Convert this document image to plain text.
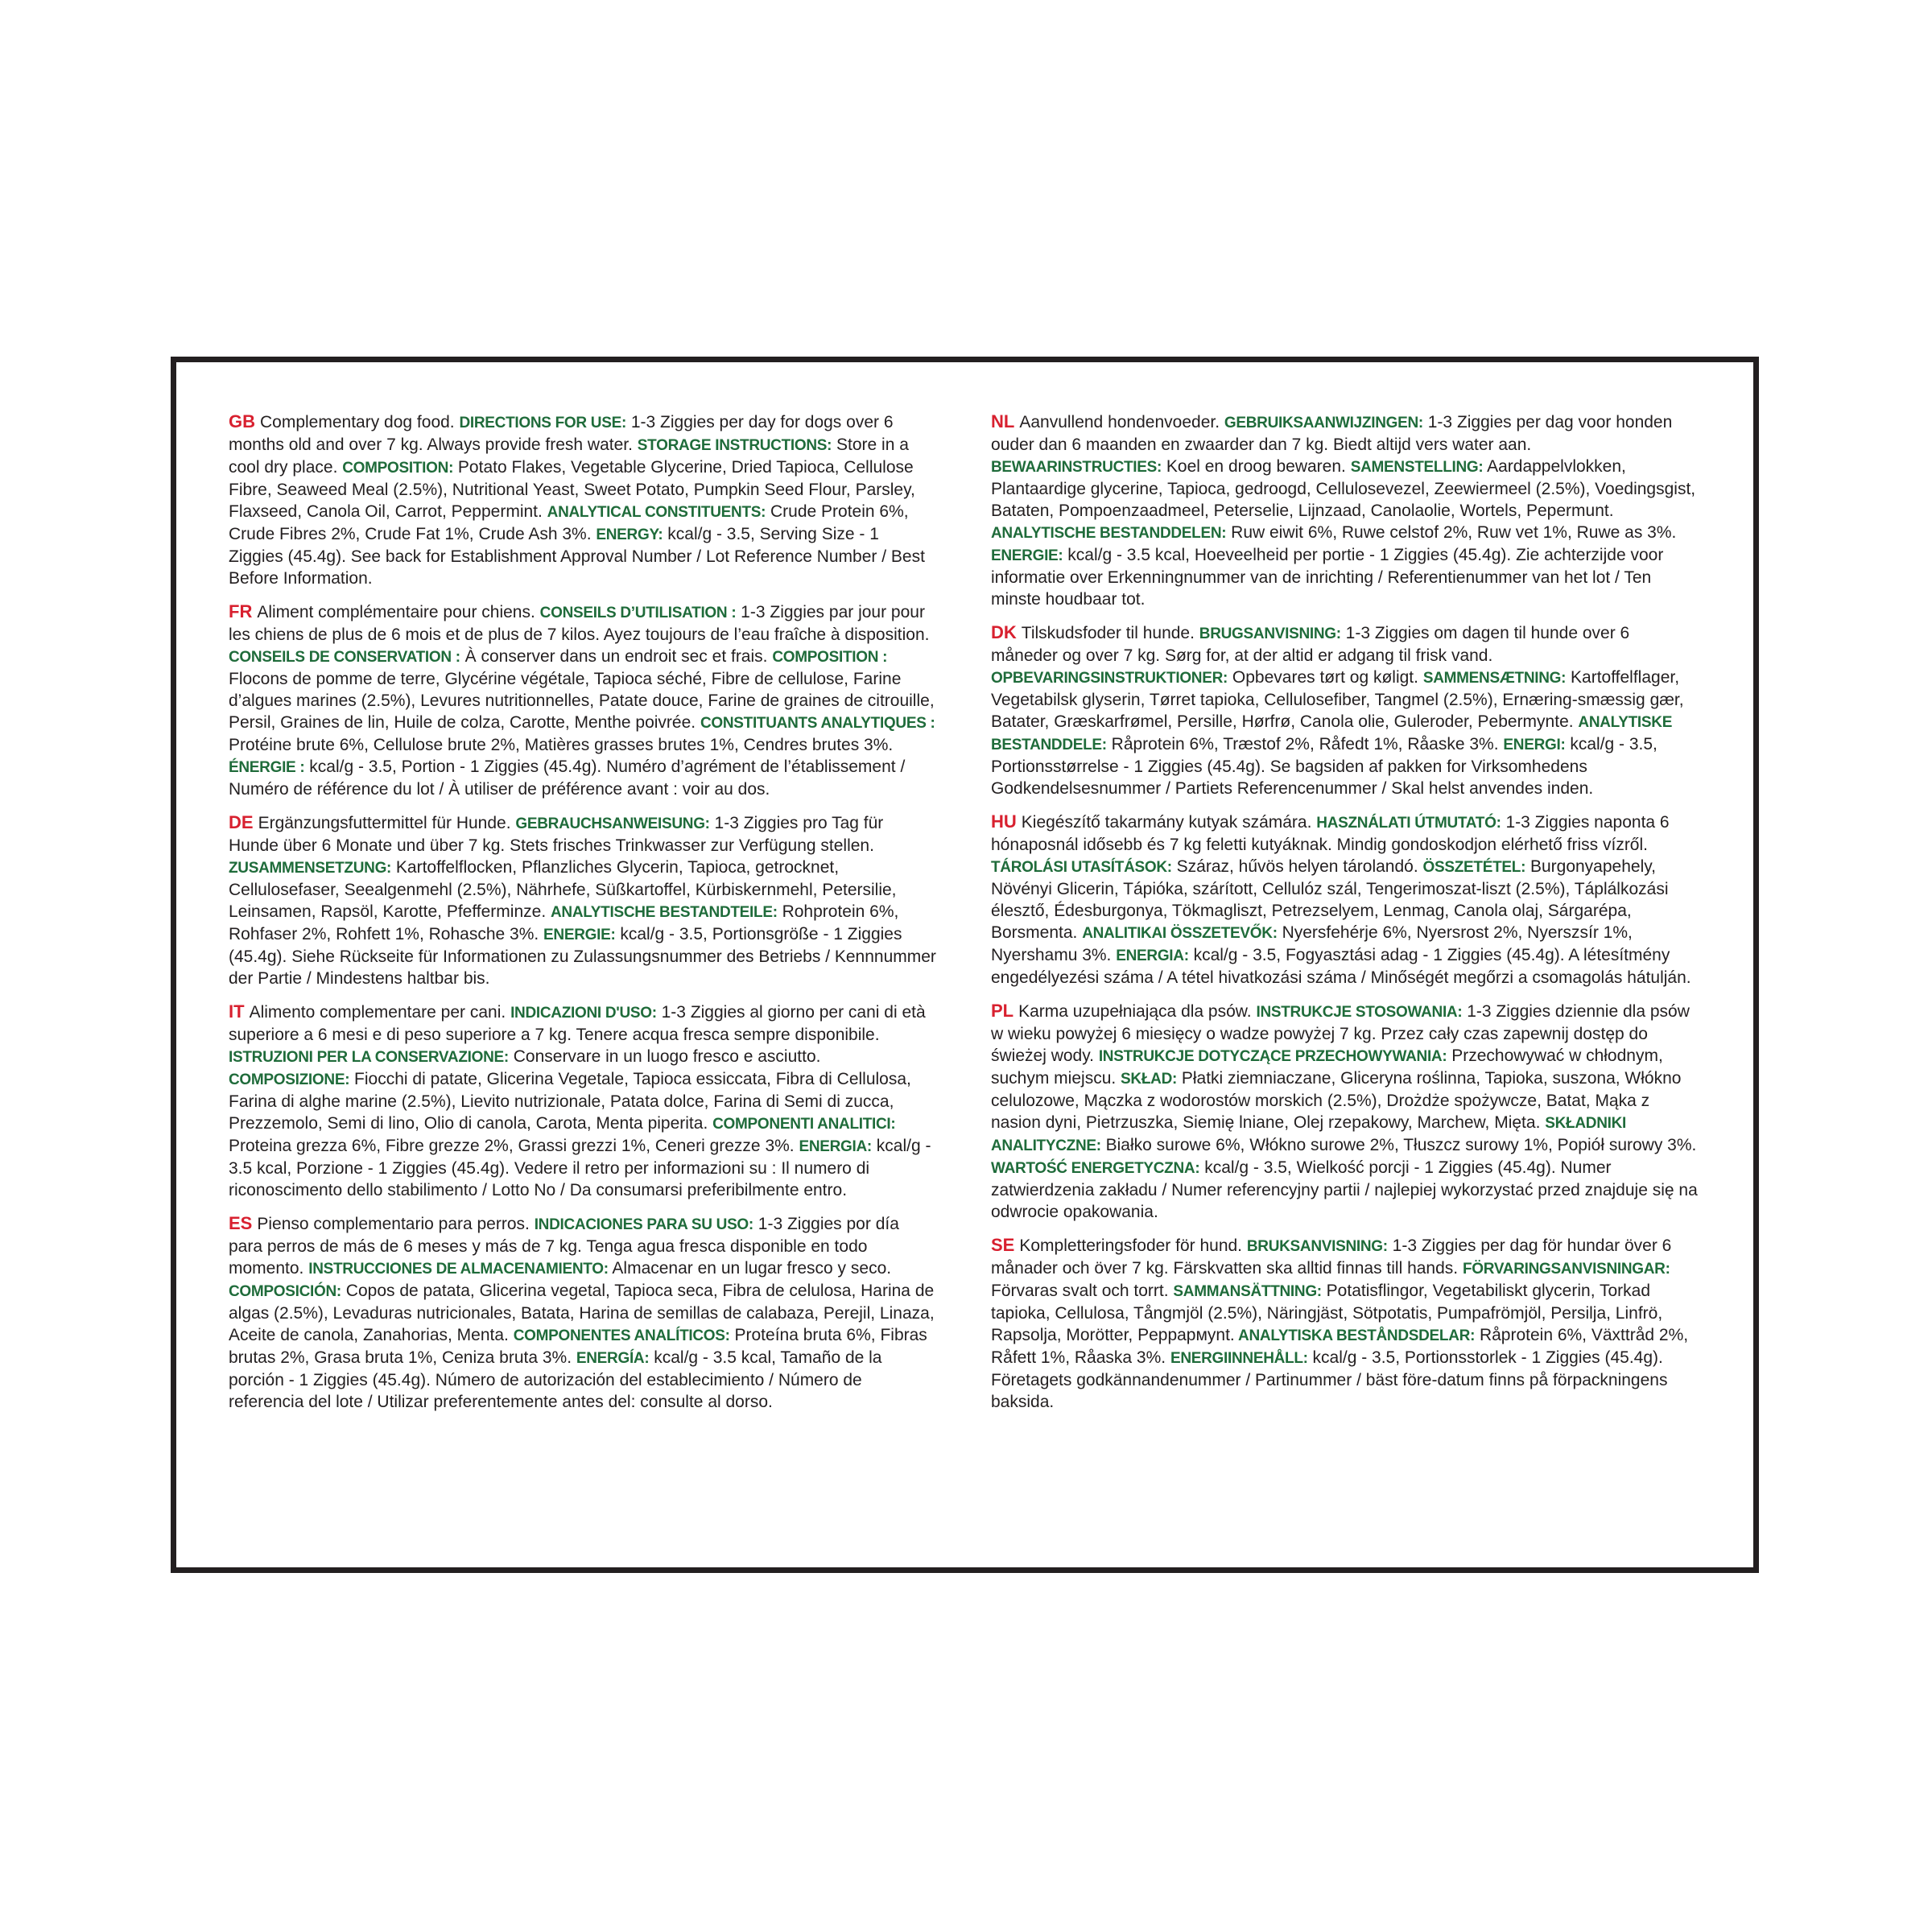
GB Complementary dog food. DIRECTIONS FOR USE: 1-3 Ziggies per day for dogs over 6 months old and over 7 kg. Always provide fresh water. STORAGE INSTRUCTIONS: Store in a cool dry place. COMPOSITION: Potato Flakes, Vegetable Glycerine, Dried Tapioca, Cellulose Fibre, Seaweed Meal (2.5%), Nutritional Yeast, Sweet Potato, Pumpkin Seed Flour, Parsley, Flaxseed, Canola Oil, Carrot, Peppermint. ANALYTICAL CONSTITUENTS: Crude Protein 6%, Crude Fibres 2%, Crude Fat 1%, Crude Ash 3%. ENERGY: kcal/g - 3.5, Serving Size - 1 Ziggies (45.4g). See back for Establishment Approval Number / Lot Reference Number / Best Before Information.

FR Aliment complémentaire pour chiens. CONSEILS D’UTILISATION : 1-3 Ziggies par jour pour les chiens de plus de 6 mois et de plus de 7 kilos. Ayez toujours de l’eau fraîche à disposition. CONSEILS DE CONSERVATION : À conserver dans un endroit sec et frais. COMPOSITION : Flocons de pomme de terre, Glycérine végétale, Tapioca séché, Fibre de cellulose, Farine d’algues marines (2.5%), Levures nutritionnelles, Patate douce, Farine de graines de citrouille, Persil, Graines de lin, Huile de colza, Carotte, Menthe poivrée. CONSTITUANTS ANALYTIQUES : Protéine brute 6%, Cellulose brute 2%, Matières grasses brutes 1%, Cendres brutes 3%. ÉNERGIE : kcal/g - 3.5, Portion - 1 Ziggies (45.4g). Numéro d’agrément de l’établissement / Numéro de référence du lot / À utiliser de préférence avant : voir au dos.

DE Ergänzungsfuttermittel für Hunde. GEBRAUCHSANWEISUNG: 1-3 Ziggies pro Tag für Hunde über 6 Monate und über 7 kg. Stets frisches Trinkwasser zur Verfügung stellen. ZUSAMMENSETZUNG: Kartoffelflocken, Pflanzliches Glycerin, Tapioca, getrocknet, Cellulosefaser, Seealgenmehl (2.5%), Nährhefe, Süßkartoffel, Kürbiskernmehl, Petersilie, Leinsamen, Rapsöl, Karotte, Pfefferminze. ANALYTISCHE BESTANDTEILE: Rohprotein 6%, Rohfaser 2%, Rohfett 1%, Rohasche 3%. ENERGIE: kcal/g - 3.5, Portionsgröße - 1 Ziggies (45.4g). Siehe Rückseite für Informationen zu Zulassungsnummer des Betriebs / Kennnummer der Partie / Mindestens haltbar bis.

IT Alimento complementare per cani. INDICAZIONI D'USO: 1-3 Ziggies al giorno per cani di età superiore a 6 mesi e di peso superiore a 7 kg. Tenere acqua fresca sempre disponibile. ISTRUZIONI PER LA CONSERVAZIONE: Conservare in un luogo fresco e asciutto. COMPOSIZIONE: Fiocchi di patate, Glicerina Vegetale, Tapioca essiccata, Fibra di Cellulosa, Farina di alghe marine (2.5%), Lievito nutrizionale, Patata dolce, Farina di Semi di zucca, Prezzemolo, Semi di lino, Olio di canola, Carota, Menta piperita. COMPONENTI ANALITICI: Proteina grezza 6%, Fibre grezze 2%, Grassi grezzi 1%, Ceneri grezze 3%. ENERGIA: kcal/g - 3.5 kcal, Porzione - 1 Ziggies (45.4g). Vedere il retro per informazioni su : Il numero di riconoscimento dello stabilimento / Lotto No / Da consumarsi preferibilmente entro.

ES Pienso complementario para perros. INDICACIONES PARA SU USO: 1-3 Ziggies por día para perros de más de 6 meses y más de 7 kg. Tenga agua fresca disponible en todo momento. INSTRUCCIONES DE ALMACENAMIENTO: Almacenar en un lugar fresco y seco. COMPOSICIÓN: Copos de patata, Glicerina vegetal, Tapioca seca, Fibra de celulosa, Harina de algas (2.5%), Levaduras nutricionales, Batata, Harina de semillas de calabaza, Perejil, Linaza, Aceite de canola, Zanahorias, Menta. COMPONENTES ANALÍTICOS: Proteína bruta 6%, Fibras brutas 2%, Grasa bruta 1%, Ceniza bruta 3%. ENERGÍA: kcal/g - 3.5 kcal, Tamaño de la porción - 1 Ziggies (45.4g). Número de autorización del establecimiento / Número de referencia del lote / Utilizar preferentemente antes del: consulte al dorso.

NL Aanvullend hondenvoeder. GEBRUIKSAANWIJZINGEN: 1-3 Ziggies per dag voor honden ouder dan 6 maanden en zwaarder dan 7 kg. Biedt altijd vers water aan. BEWAARINSTRUCTIES: Koel en droog bewaren. SAMENSTELLING: Aardappelvlokken, Plantaardige glycerine, Tapioca, gedroogd, Cellulosevezel, Zeewiermeel (2.5%), Voedingsgist, Bataten, Pompoenzaadmeel, Peterselie, Lijnzaad, Canolaolie, Wortels, Pepermunt. ANALYTISCHE BESTANDDELEN: Ruw eiwit 6%, Ruwe celstof 2%, Ruw vet 1%, Ruwe as 3%. ENERGIE: kcal/g - 3.5 kcal, Hoeveelheid per portie - 1 Ziggies (45.4g). Zie achterzijde voor informatie over Erkenningnummer van de inrichting / Referentienummer van het lot / Ten minste houdbaar tot.

DK Tilskudsfoder til hunde. BRUGSANVISNING: 1-3 Ziggies om dagen til hunde over 6 måneder og over 7 kg. Sørg for, at der altid er adgang til frisk vand. OPBEVARINGSINSTRUKTIONER: Opbevares tørt og køligt. SAMMENSÆTNING: Kartoffelflager, Vegetabilsk glyserin, Tørret tapioka, Cellulosefiber, Tangmel (2.5%), Ernæring-smæssig gær, Batater, Græskarfrømel, Persille, Hørfrø, Canola olie, Guleroder, Pebermynte. ANALYTISKE BESTANDDELE: Råprotein 6%, Træstof 2%, Råfedt 1%, Råaske 3%. ENERGI: kcal/g - 3.5, Portionsstørrelse - 1 Ziggies (45.4g). Se bagsiden af pakken for Virksomhedens Godkendelsesnummer / Partiets Referencenummer / Skal helst anvendes inden.

HU Kiegészítő takarmány kutyak számára. HASZNÁLATI ÚTMUTATÓ: 1-3 Ziggies naponta 6 hónaposnál idősebb és 7 kg feletti kutyáknak. Mindig gondoskodjon elérhető friss vízről. TÁROLÁSI UTASÍTÁSOK: Száraz, hűvös helyen tárolandó. ÖSSZETÉTEL: Burgonyapehely, Növényi Glicerin, Tápióka, szárított, Cellulóz szál, Tengerimoszat-liszt (2.5%), Táplálkozási élesztő, Édesburgonya, Tökmagliszt, Petrezselyem, Lenmag, Canola olaj, Sárgarépa, Borsmenta. ANALITIKAI ÖSSZETEVŐK: Nyersfehérje 6%, Nyersrost 2%, Nyerszsír 1%, Nyershamu 3%. ENERGIA: kcal/g - 3.5, Fogyasztási adag - 1 Ziggies (45.4g). A létesítmény engedélyezési száma / A tétel hivatkozási száma / Minőségét megőrzi a csomagolás hátulján.

PL Karma uzupełniająca dla psów. INSTRUKCJE STOSOWANIA: 1-3 Ziggies dziennie dla psów w wieku powyżej 6 miesięcy o wadze powyżej 7 kg. Przez cały czas zapewnij dostęp do świeżej wody. INSTRUKCJE DOTYCZĄCE PRZECHOWYWANIA: Przechowywać w chłodnym, suchym miejscu. SKŁAD: Płatki ziemniaczane, Gliceryna roślinna, Tapioka, suszona, Włókno celulozowe, Mączka z wodorostów morskich (2.5%), Drożdże spożywcze, Batat, Mąka z nasion dyni, Pietrzuszka, Siemię lniane, Olej rzepakowy, Marchew, Mięta. SKŁADNIKI ANALITYCZNE: Białko surowe 6%, Włókno surowe 2%, Tłuszcz surowy 1%, Popiół surowy 3%. WARTOŚĆ ENERGETYCZNA: kcal/g - 3.5, Wielkość porcji - 1 Ziggies (45.4g). Numer zatwierdzenia zakładu / Numer referencyjny partii / najlepiej wykorzystać przed znajduje się na odwrocie opakowania.

SE Kompletteringsfoder för hund. BRUKSANVISNING: 1-3 Ziggies per dag för hundar över 6 månader och över 7 kg. Färskvatten ska alltid finnas till hands. FÖRVARINGSANVISNINGAR: Förvaras svalt och torrt. SAMMANSÄTTNING: Potatisflingor, Vegetabiliskt glycerin, Torkad tapioka, Cellulosa, Tångmjöl (2.5%), Näringjäst, Sötpotatis, Pumpafrömjöl, Persilja, Linfrö, Rapsolja, Morötter, Peppармynt. ANALYTISKA BESTÅNDSDELAR: Råprotein 6%, Växttråd 2%, Råfett 1%, Råaska 3%. ENERGIINNEHÅLL: kcal/g - 3.5, Portionsstorlek - 1 Ziggies (45.4g). Företagets godkännandenummer / Partinummer / bäst före-datum finns på förpackningens baksida.
